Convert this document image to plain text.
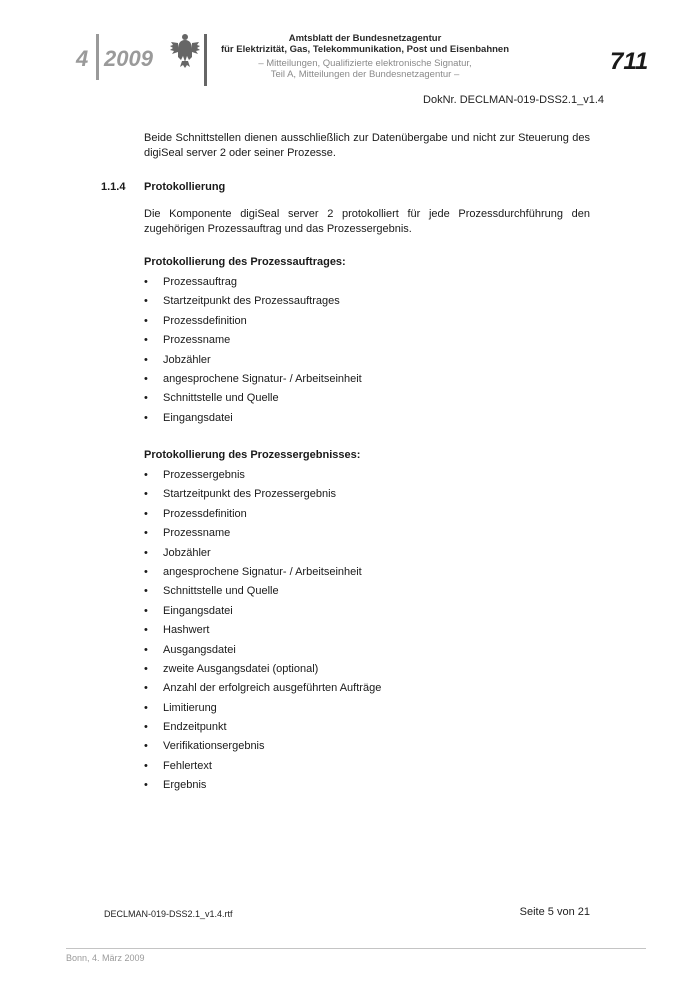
4 2009
Amtsblatt der Bundesnetzagentur
für Elektrizität, Gas, Telekommunikation, Post und Eisenbahnen
– Mitteilungen, Qualifizierte elektronische Signatur,
Teil A, Mitteilungen der Bundesnetzagentur –	711
DokNr. DECLMAN-019-DSS2.1_v1.4
Beide Schnittstellen dienen ausschließlich zur Datenübergabe und nicht zur Steuerung des digiSeal server 2 oder seiner Prozesse.
1.1.4 Protokollierung
Die Komponente digiSeal server 2 protokolliert für jede Prozessdurchführung den zugehörigen Prozessauftrag und das Prozessergebnis.
Protokollierung des Prozessauftrages:
• Prozessauftrag
• Startzeitpunkt des Prozessauftrages
• Prozessdefinition
• Prozessname
• Jobzähler
• angesprochene Signatur- / Arbeitseinheit
• Schnittstelle und Quelle
• Eingangsdatei
Protokollierung des Prozessergebnisses:
• Prozessergebnis
• Startzeitpunkt des Prozessergebnis
• Prozessdefinition
• Prozessname
• Jobzähler
• angesprochene Signatur- / Arbeitseinheit
• Schnittstelle und Quelle
• Eingangsdatei
• Hashwert
• Ausgangsdatei
• zweite Ausgangsdatei (optional)
• Anzahl der erfolgreich ausgeführten Aufträge
• Limitierung
• Endzeitpunkt
• Verifikationsergebnis
• Fehlertext
• Ergebnis
DECLMAN-019-DSS2.1_v1.4.rtf	Seite 5 von 21
Bonn, 4. März 2009
